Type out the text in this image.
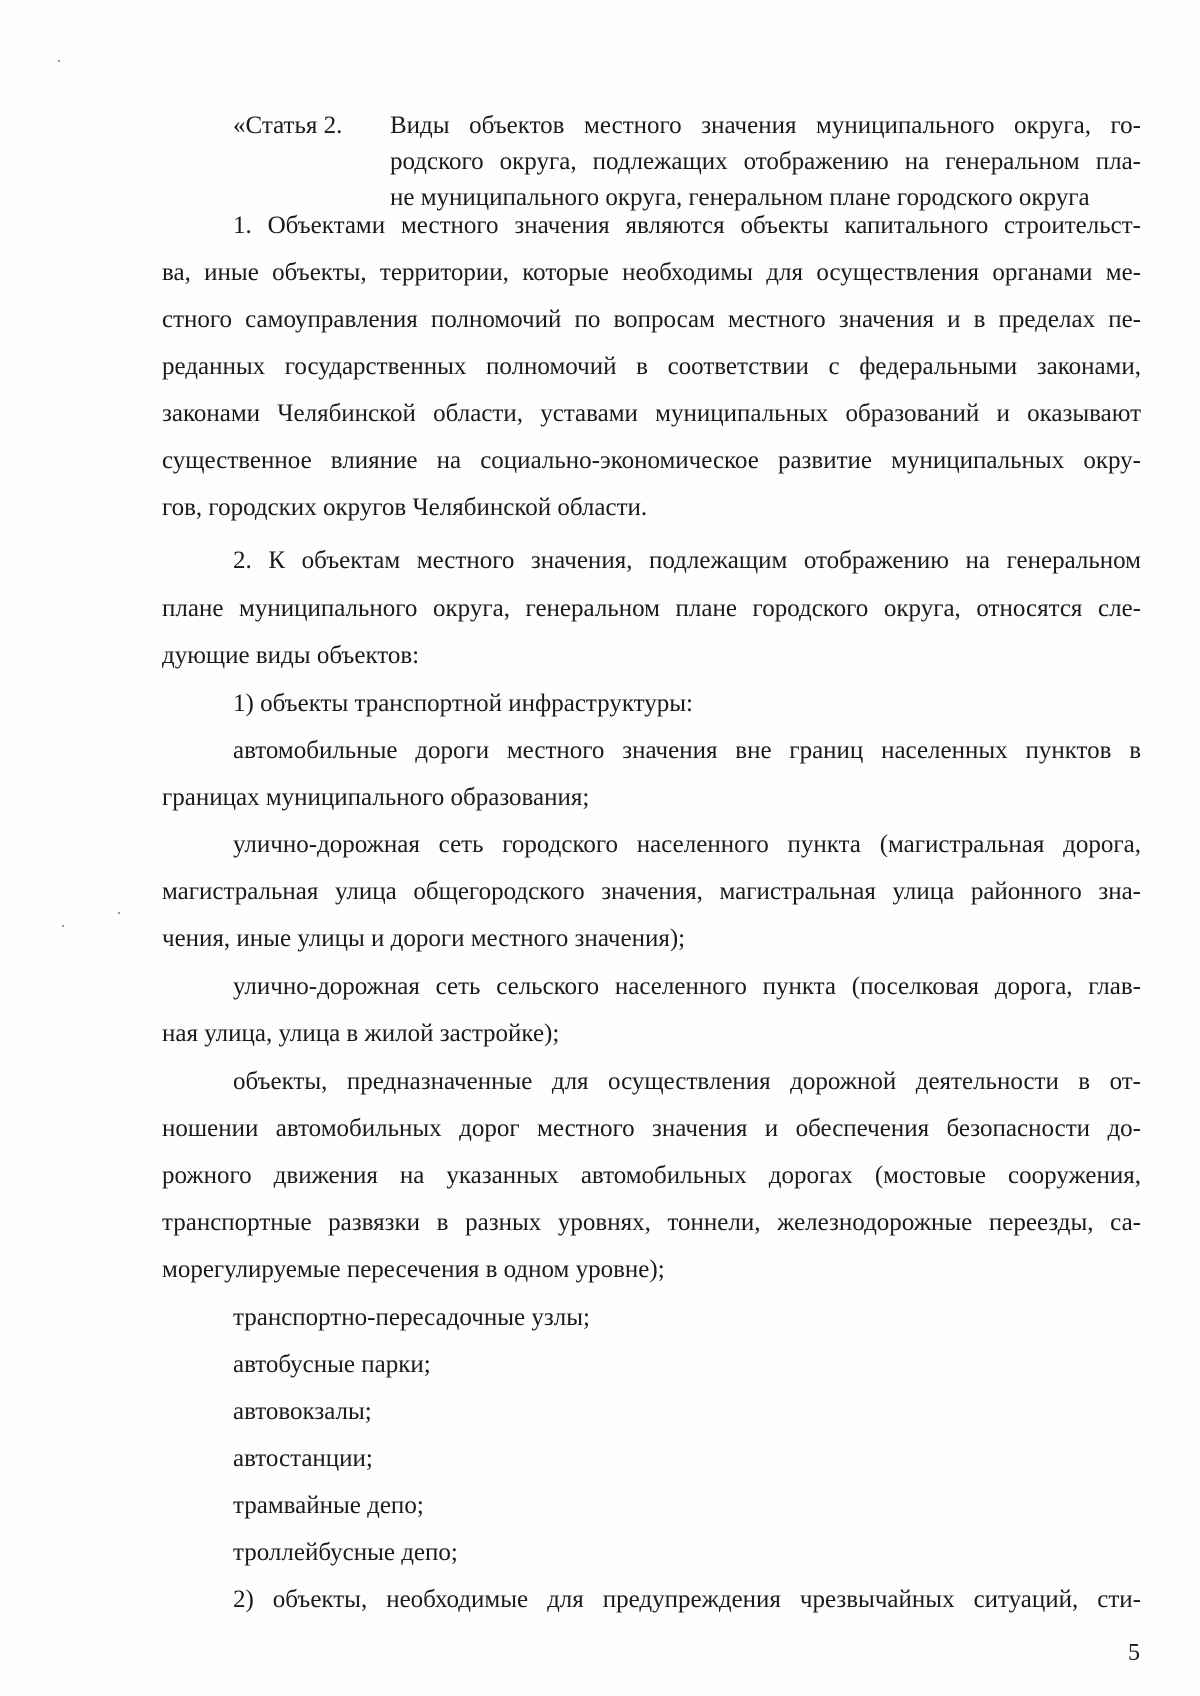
«Статья 2. Виды объектов местного значения муниципального округа, го-
родского округа, подлежащих отображению на генеральном пла-
не муниципального округа, генеральном плане городского округа
1. Объектами местного значения являются объекты капитального строительст-
ва, иные объекты, территории, которые необходимы для осуществления органами ме-
стного самоуправления полномочий по вопросам местного значения и в пределах пе-
реданных государственных полномочий в соответствии с федеральными законами,
законами Челябинской области, уставами муниципальных образований и оказывают
существенное влияние на социально-экономическое развитие муниципальных окру-
гов, городских округов Челябинской области.
2. К объектам местного значения, подлежащим отображению на генеральном
плане муниципального округа, генеральном плане городского округа, относятся сле-
дующие виды объектов:
1) объекты транспортной инфраструктуры:
автомобильные дороги местного значения вне границ населенных пунктов в
границах муниципального образования;
улично-дорожная сеть городского населенного пункта (магистральная дорога,
магистральная улица общегородского значения, магистральная улица районного зна-
чения, иные улицы и дороги местного значения);
улично-дорожная сеть сельского населенного пункта (поселковая дорога, глав-
ная улица, улица в жилой застройке);
объекты, предназначенные для осуществления дорожной деятельности в от-
ношении автомобильных дорог местного значения и обеспечения безопасности до-
рожного движения на указанных автомобильных дорогах (мостовые сооружения,
транспортные развязки в разных уровнях, тоннели, железнодорожные переезды, са-
морегулируемые пересечения в одном уровне);
транспортно-пересадочные узлы;
автобусные парки;
автовокзалы;
автостанции;
трамвайные депо;
троллейбусные депо;
2) объекты, необходимые для предупреждения чрезвычайных ситуаций, сти-
5
